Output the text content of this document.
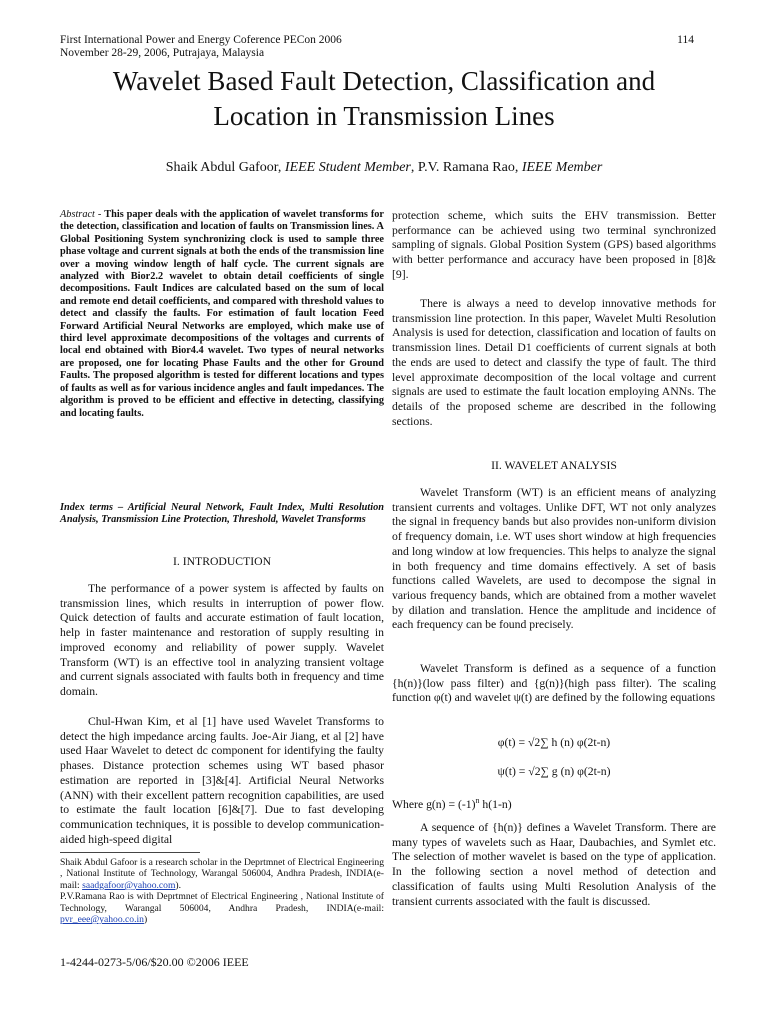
First International Power and Energy Coference PECon 2006
November 28-29, 2006, Putrajaya, Malaysia
114
Wavelet Based Fault Detection, Classification and
Location in Transmission Lines
Shaik Abdul Gafoor, IEEE Student Member, P.V. Ramana Rao, IEEE Member

Abstract - This paper deals with the application of wavelet transforms for the detection, classification and location of faults on Transmission lines. A Global Positioning System synchronizing clock is used to sample three phase voltage and current signals at both the ends of the transmission line over a moving window length of half cycle. The current signals are analyzed with Bior2.2 wavelet to obtain detail coefficients of single decompositions. Fault Indices are calculated based on the sum of local and remote end detail coefficients, and compared with threshold values to detect and classify the faults. For estimation of fault location Feed Forward Artificial Neural Networks are employed, which make use of third level approximate decompositions of the voltages and currents of local end obtained with Bior4.4 wavelet. Two types of neural networks are proposed, one for locating Phase Faults and the other for Ground Faults. The proposed algorithm is tested for different locations and types of faults as well as for various incidence angles and fault impedances. The algorithm is proved to be efficient and effective in detecting, classifying and locating faults.

Index terms – Artificial Neural Network, Fault Index, Multi Resolution Analysis, Transmission Line Protection, Threshold, Wavelet Transforms
I. INTRODUCTION

The performance of a power system is affected by faults on transmission lines, which results in interruption of power flow. Quick detection of faults and accurate estimation of fault location, help in faster maintenance and restoration of supply resulting in improved economy and reliability of power supply. Wavelet Transform (WT) is an effective tool in analyzing transient voltage and current signals associated with faults both in frequency and time domain.

Chul-Hwan Kim, et al [1] have used Wavelet Transforms to detect the high impedance arcing faults. Joe-Air Jiang, et al [2] have used Haar Wavelet to detect dc component for identifying the faulty phases. Distance protection schemes using WT based phasor estimation are reported in [3]&[4]. Artificial Neural Networks (ANN) with their excellent pattern recognition capabilities, are used to estimate the fault location [6]&[7]. Due to fast developing communication techniques, it is possible to develop communication-aided high-speed digital

Shaik Abdul Gafoor is a research scholar in the Deprtmnet of Electrical Engineering , National Institute of Technology, Warangal 506004, Andhra Pradesh, INDIA(e-mail: saadgafoor@yahoo.com).

P.V.Ramana Rao is with Deprtmnet of Electrical Engineering , National Institute of Technology, Warangal 506004, Andhra Pradesh, INDIA(e-mail: pvr_eee@yahoo.co.in)

1-4244-0273-5/06/$20.00 ©2006 IEEE

protection scheme, which suits the EHV transmission. Better performance can be achieved using two terminal synchronized sampling of signals. Global Position System (GPS) based algorithms with better performance and accuracy have been proposed in [8]&[9].

There is always a need to develop innovative methods for transmission line protection. In this paper, Wavelet Multi Resolution Analysis is used for detection, classification and location of faults on transmission lines. Detail D1 coefficients of current signals at both the ends are used to detect and classify the type of fault. The third level approximate decomposition of the local voltage and current signals are used to estimate the fault location employing ANNs. The details of the proposed scheme are described in the following sections.

II. WAVELET ANALYSIS

Wavelet Transform (WT) is an efficient means of analyzing transient currents and voltages. Unlike DFT, WT not only analyzes the signal in frequency bands but also provides non-uniform division of frequency domain, i.e. WT uses short window at high frequencies and long window at low frequencies. This helps to analyze the signal in both frequency and time domains effectively. A set of basis functions called Wavelets, are used to decompose the signal in various frequency bands, which are obtained from a mother wavelet by dilation and translation. Hence the amplitude and incidence of each frequency can be found precisely.

Wavelet Transform is defined as a sequence of a function {h(n)}(low pass filter) and {g(n)}(high pass filter). The scaling function φ(t) and wavelet ψ(t) are defined by the following equations

φ(t) = √2∑ h (n) φ(2t-n)
ψ(t) = √2∑ g (n) φ(2t-n)
Where $g(n) = (-1)^n$ h(1-n)

A sequence of {h(n)} defines a Wavelet Transform. There are many types of wavelets such as Haar, Daubachies, and Symlet etc. The selection of mother wavelet is based on the type of application. In the following section a novel method of detection and classification of faults using Multi Resolution Analysis of the transient currents associated with the fault is discussed.
